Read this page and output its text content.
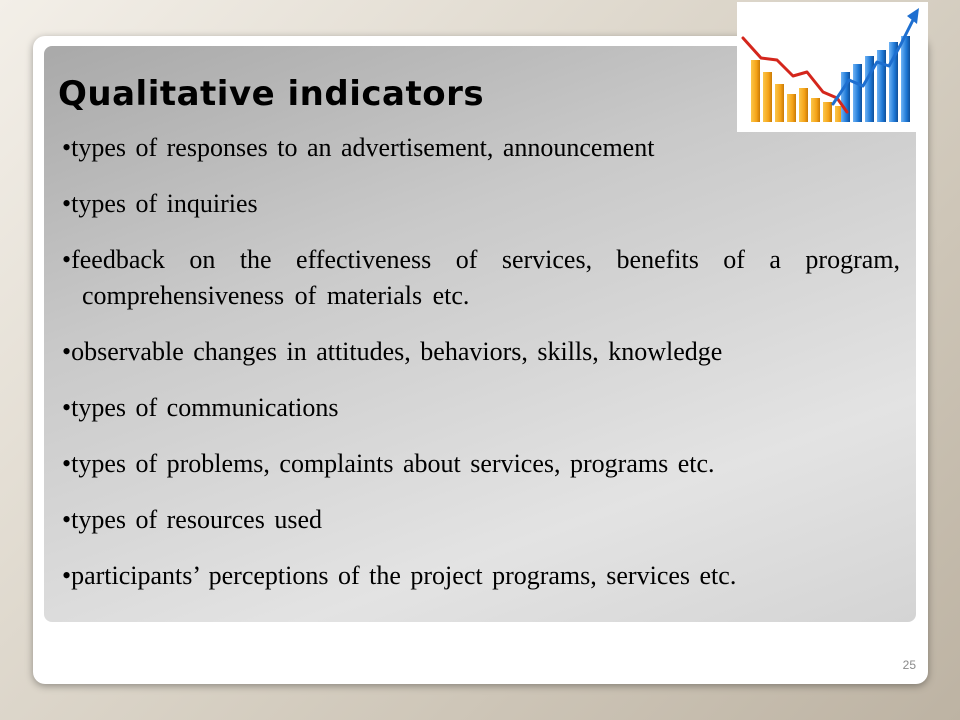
Qualitative indicators
• types of responses to an advertisement, announcement
• types of inquiries
• feedback on the effectiveness of services, benefits of a program, comprehensiveness of materials etc.
• observable changes in attitudes, behaviors, skills, knowledge
• types of communications
• types of problems, complaints about services, programs etc.
• types of resources used
• participants’ perceptions of the project programs, services etc.
25
